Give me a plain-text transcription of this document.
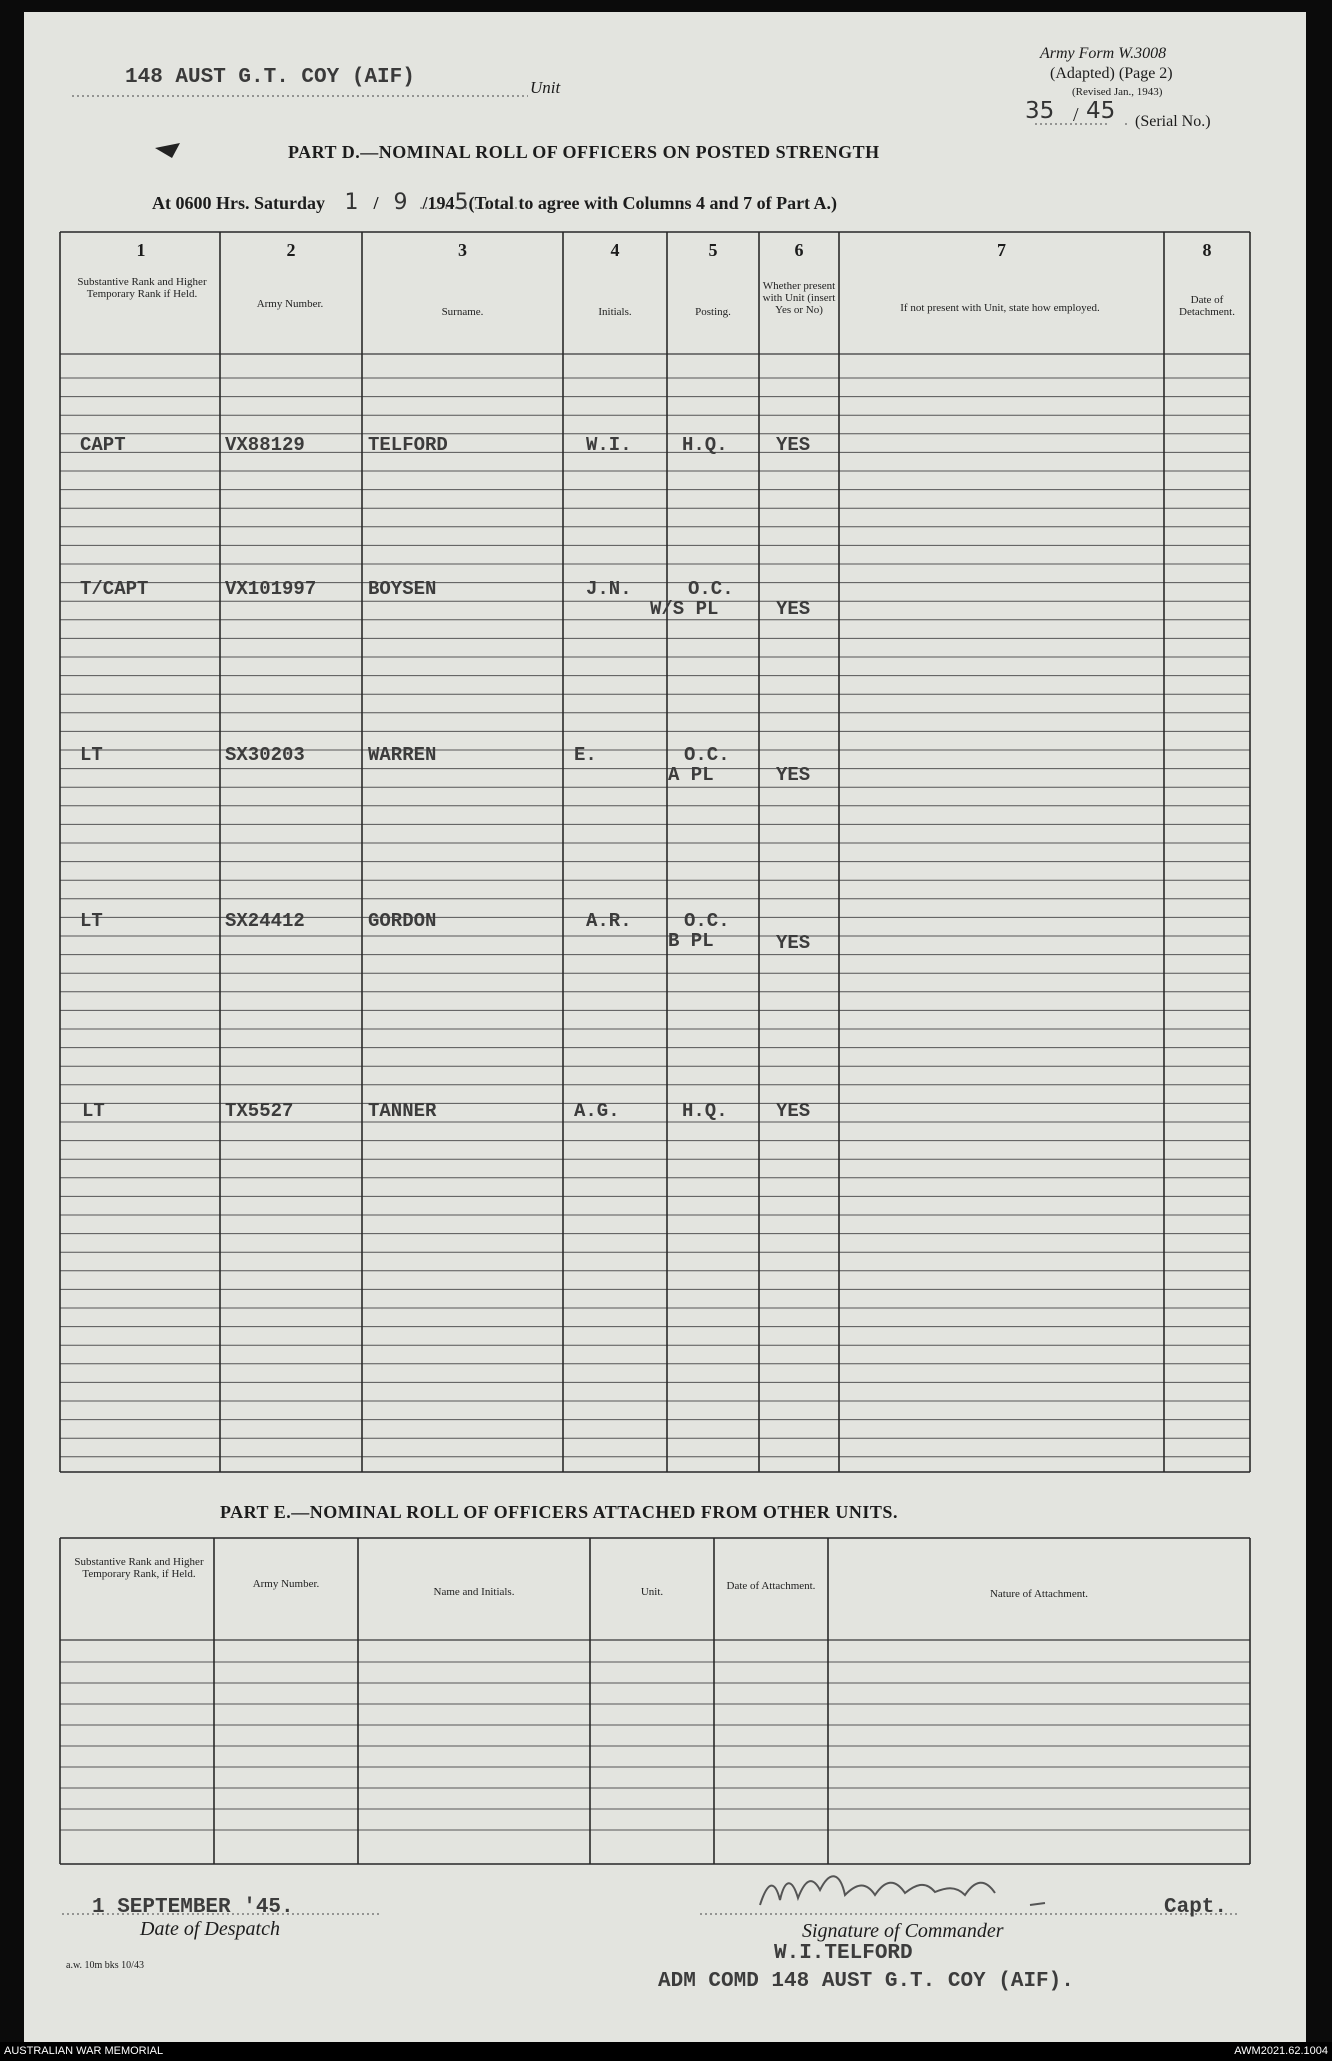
148 AUST G.T. COY (AIF)	Unit
Army Form W.3008
(Adapted) (Page 2)
(Revised Jan., 1943)
35 / 45 (Serial No.)
PART D.—NOMINAL ROLL OF OFFICERS ON POSTED STRENGTH
At 0600 Hrs. Saturday 1 / 9 /1945(Total to agree with Columns 4 and 7 of Part A.)
1	2	3	4	5	6	7	8
Substantive Rank and Higher Temporary Rank if Held.
Army Number.
Surname.	Initials.	Posting.
Whether present with Unit (insert Yes or No)	If not present with Unit, state how employed.
Date of Detachment.
CAPT	VX88129	TELFORD	W.I.	H.Q.	YES
T/CAPT	VX101997	BOYSEN	J.N.	O.C.
W/S PL	YES
LT	SX30203	WARREN	E.	O.C.
A PL	YES
LT	SX24412	GORDON	A.R.	O.C.
B PL	YES
LT	TX5527	TANNER	A.G.	H.Q.	YES
PART E.—NOMINAL ROLL OF OFFICERS ATTACHED FROM OTHER UNITS.
Substantive Rank and Higher Temporary Rank, if Held.
Army Number.
Name and Initials.	Unit.	Date of Attachment.
Nature of Attachment.
1 SEPTEMBER '45.
Date of Despatch	Signature of Commander
Capt.
W.I.TELFORD
ADM COMD 148 AUST G.T. COY (AIF).
a.w. 10m bks 10/43
AUSTRALIAN WAR MEMORIAL	AWM2021.62.1004
